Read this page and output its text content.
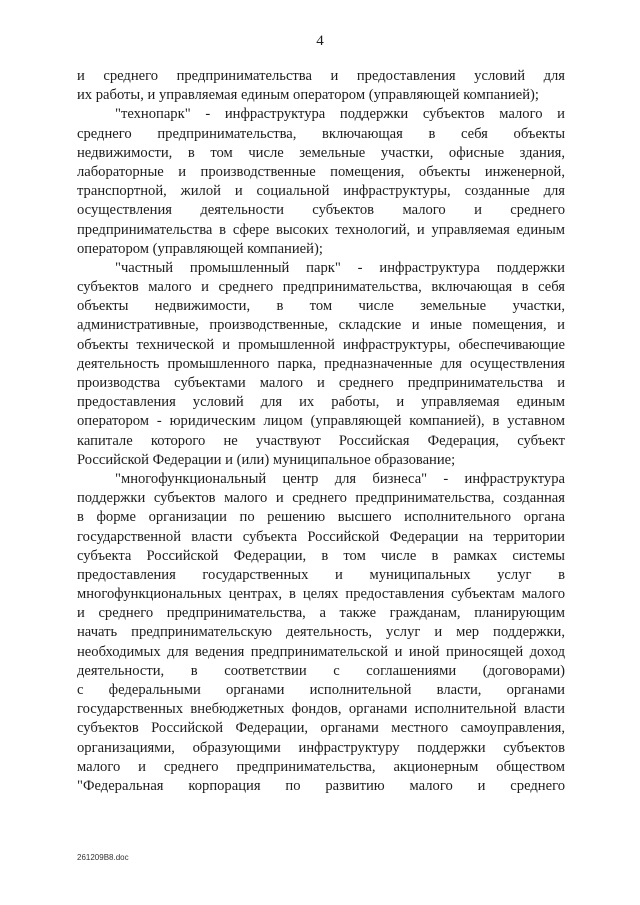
4
и среднего предпринимательства и предоставления условий для
их работы, и управляемая единым оператором (управляющей компанией);
"технопарк" - инфраструктура поддержки субъектов малого и
среднего предпринимательства, включающая в себя объекты
недвижимости, в том числе земельные участки, офисные здания,
лабораторные и производственные помещения, объекты инженерной,
транспортной, жилой и социальной инфраструктуры, созданные для
осуществления деятельности субъектов малого и среднего
предпринимательства в сфере высоких технологий, и управляемая единым
оператором (управляющей компанией);
"частный промышленный парк" - инфраструктура поддержки
субъектов малого и среднего предпринимательства, включающая в себя
объекты недвижимости, в том числе земельные участки,
административные, производственные, складские и иные помещения, и
объекты технической и промышленной инфраструктуры, обеспечивающие
деятельность промышленного парка, предназначенные для осуществления
производства субъектами малого и среднего предпринимательства и
предоставления условий для их работы, и управляемая единым
оператором - юридическим лицом (управляющей компанией), в уставном
капитале которого не участвуют Российская Федерация, субъект
Российской Федерации и (или) муниципальное образование;
"многофункциональный центр для бизнеса" - инфраструктура
поддержки субъектов малого и среднего предпринимательства, созданная
в форме организации по решению высшего исполнительного органа
государственной власти субъекта Российской Федерации на территории
субъекта Российской Федерации, в том числе в рамках системы
предоставления государственных и муниципальных услуг в
многофункциональных центрах, в целях предоставления субъектам малого
и среднего предпринимательства, а также гражданам, планирующим
начать предпринимательскую деятельность, услуг и мер поддержки,
необходимых для ведения предпринимательской и иной приносящей доход
деятельности, в соответствии с соглашениями (договорами)
с федеральными органами исполнительной власти, органами
государственных внебюджетных фондов, органами исполнительной власти
субъектов Российской Федерации, органами местного самоуправления,
организациями, образующими инфраструктуру поддержки субъектов
малого и среднего предпринимательства, акционерным обществом
"Федеральная корпорация по развитию малого и среднего
261209B8.doc
